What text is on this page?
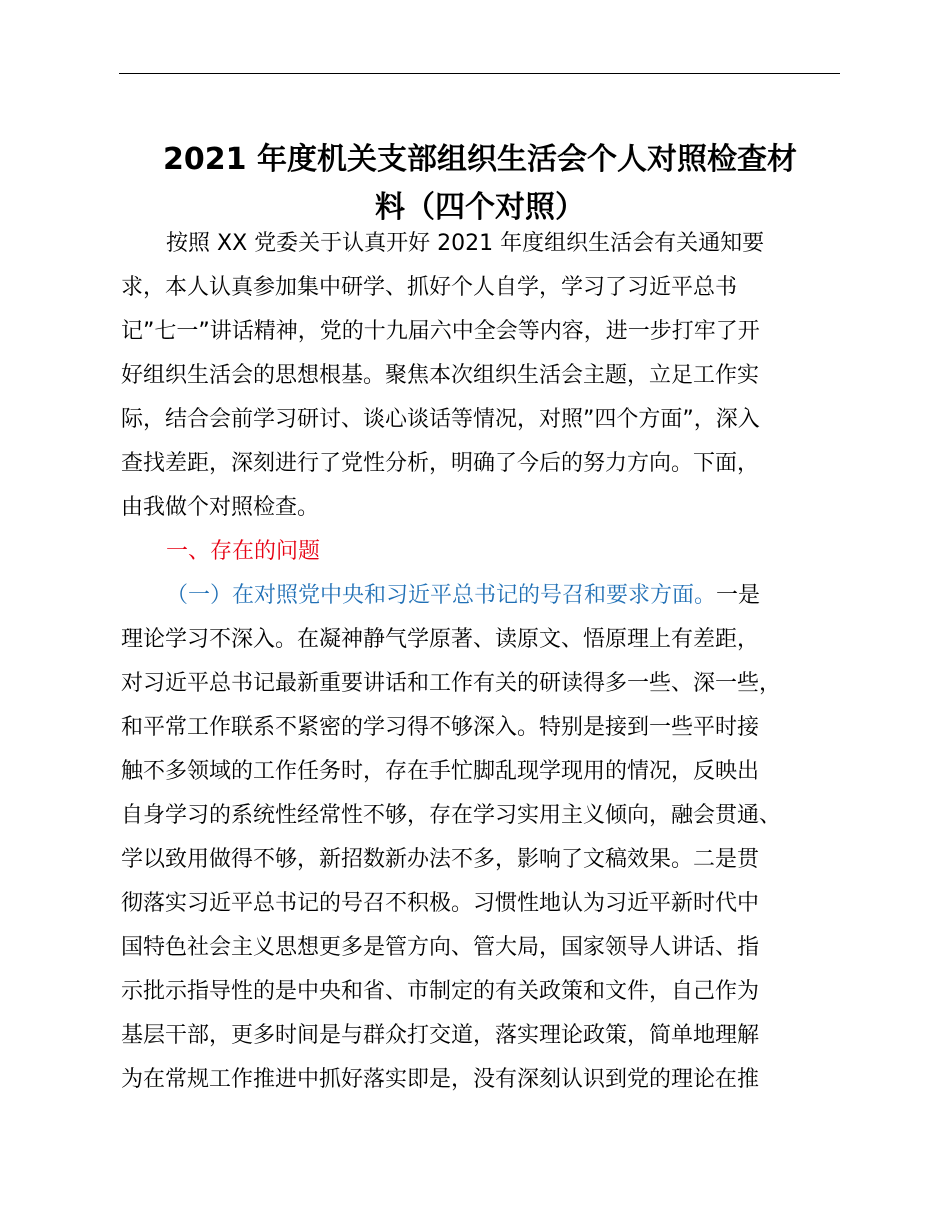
2021 年度机关支部组织生活会个人对照检查材
料（四个对照）
按照 XX 党委关于认真开好 2021 年度组织生活会有关通知要
求，本人认真参加集中研学、抓好个人自学，学习了习近平总书
记”七一”讲话精神，党的十九届六中全会等内容，进一步打牢了开
好组织生活会的思想根基。聚焦本次组织生活会主题，立足工作实
际，结合会前学习研讨、谈心谈话等情况，对照”四个方面”，深入
查找差距，深刻进行了党性分析，明确了今后的努力方向。下面，
由我做个对照检查。
一、存在的问题
（一）在对照党中央和习近平总书记的号召和要求方面。一是
理论学习不深入。在凝神静气学原著、读原文、悟原理上有差距，
对习近平总书记最新重要讲话和工作有关的研读得多一些、深一些，
和平常工作联系不紧密的学习得不够深入。特别是接到一些平时接
触不多领域的工作任务时，存在手忙脚乱现学现用的情况，反映出
自身学习的系统性经常性不够，存在学习实用主义倾向，融会贯通、
学以致用做得不够，新招数新办法不多，影响了文稿效果。二是贯
彻落实习近平总书记的号召不积极。习惯性地认为习近平新时代中
国特色社会主义思想更多是管方向、管大局，国家领导人讲话、指
示批示指导性的是中央和省、市制定的有关政策和文件，自己作为
基层干部，更多时间是与群众打交道，落实理论政策，简单地理解
为在常规工作推进中抓好落实即是，没有深刻认识到党的理论在推
